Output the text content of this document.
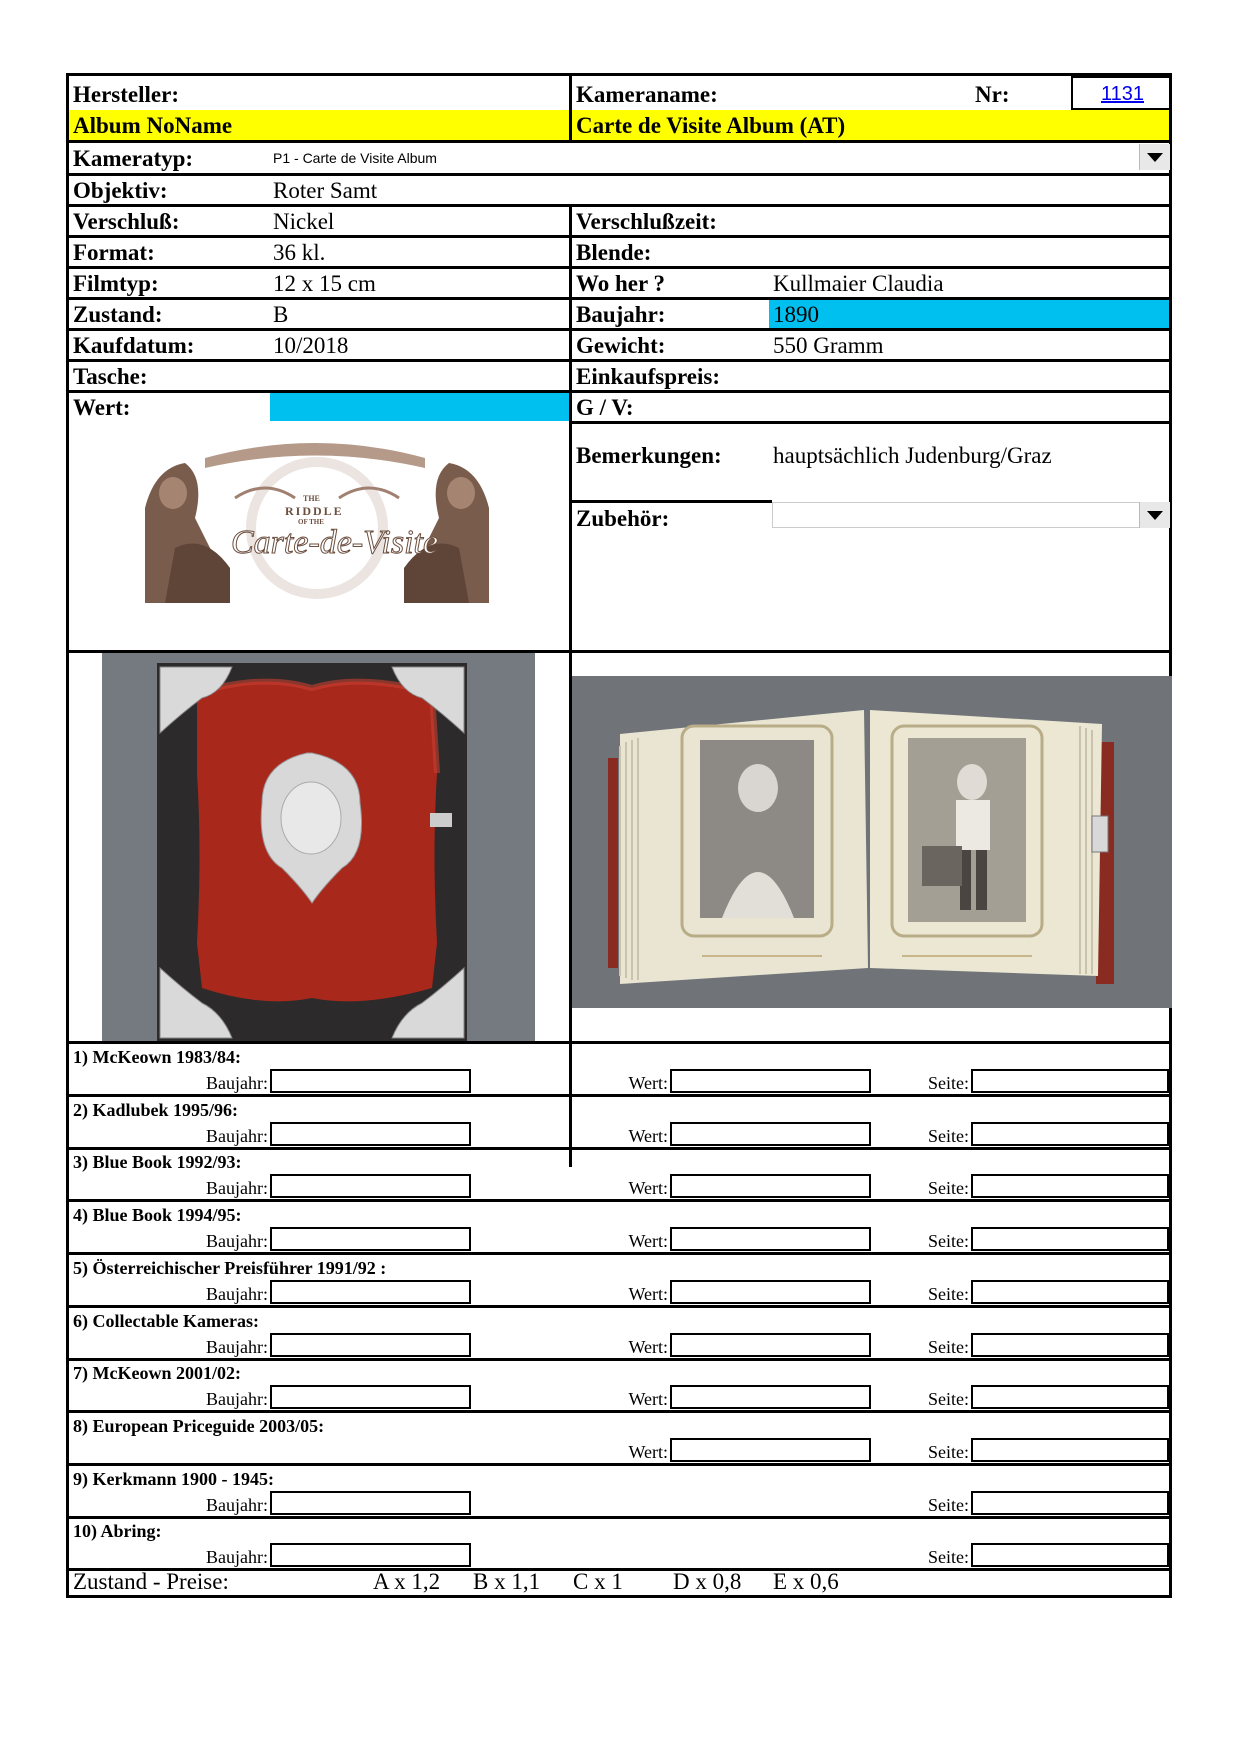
Hersteller:	Kameraname:	Nr:	1131
Album NoName	Carte de Visite Album (AT)
Kameratyp:	P1 - Carte de Visite Album
Objektiv:	Roter Samt
Verschluß:	Nickel	Verschlußzeit:
Format:	36 kl.	Blende:
Filmtyp:	12 x 15 cm	Wo her ?	Kullmaier Claudia
Zustand:	B	Baujahr:	1890
Kaufdatum:	10/2018	Gewicht:	550 Gramm
Tasche:	Einkaufspreis:
Wert:	G / V:
Bemerkungen: hauptsächlich Judenburg/Graz
Zubehör:
THE
RIDDLE
OF THE
Carte-de-Visite
1) McKeown 1983/84:
Baujahr:	Wert:	Seite:
2) Kadlubek 1995/96:
Baujahr:	Wert:	Seite:
3) Blue Book 1992/93:
Baujahr:	Wert:	Seite:
4) Blue Book 1994/95:
Baujahr:	Wert:	Seite:
5) Österreichischer Preisführer 1991/92 :
Baujahr:	Wert:	Seite:
6) Collectable Kameras:
Baujahr:	Wert:	Seite:
7) McKeown 2001/02:
Baujahr:	Wert:	Seite:
8) European Priceguide 2003/05:
Wert:	Seite:
9) Kerkmann 1900 - 1945:
Baujahr:	Seite:
10) Abring:
Baujahr:	Seite:
Zustand - Preise:	A x 1,2 B x 1,1 C x 1 D x 0,8 E x 0,6
